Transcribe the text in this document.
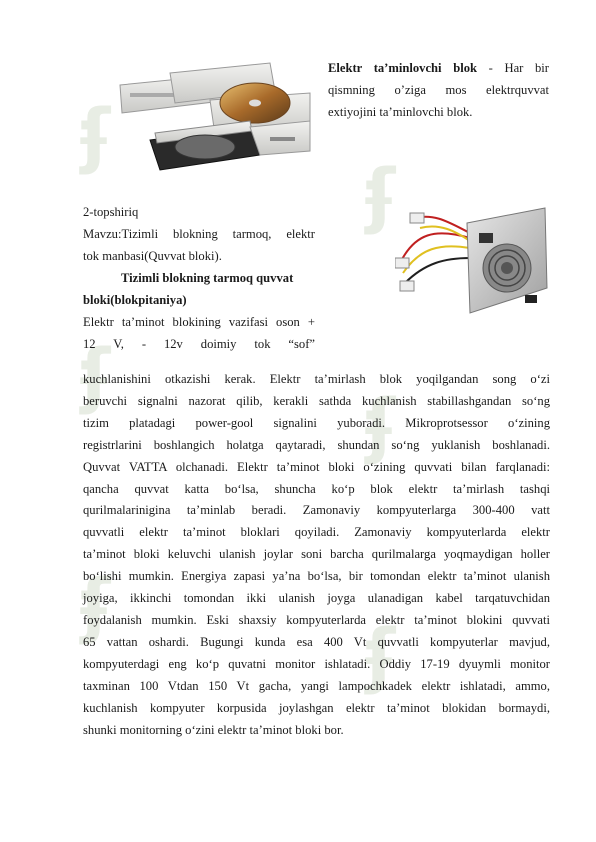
ʄ
ʄ
ʄ
ʄ
ʄ
ʄ
Elektr ta’minlovchi blok - Har bir
qismning o’ziga mos elektrquvvat
extiyojini ta’minlovchi blok.
2-topshiriq
Mavzu:Tizimli blokning tarmoq, elektr
tok manbasi(Quvvat bloki).
Tizimli blokning tarmoq quvvat
bloki(blokpitaniya)
Elektr ta’minot blokining vazifasi oson +
12 V, - 12v doimiy tok “sof”
kuchlanishini otkazishi kerak. Elektr ta’mirlash blok yoqilgandan song o‘zi
beruvchi signalni nazorat qilib, kerakli sathda kuchlanish stabillashgandan so‘ng
tizim platadagi power-gool signalini yuboradi. Mikroprotsessor o‘zining
registrlarini boshlangich holatga qaytaradi, shundan so‘ng yuklanish boshlanadi.
Quvvat VATTA olchanadi. Elektr ta’minot bloki o‘zining quvvati bilan farqlanadi:
qancha quvvat katta bo‘lsa, shuncha ko‘p blok elektr ta’mirlash tashqi
qurilmalariniginа ta’minlab beradi. Zamonaviy kompyuterlarga 300-400 vatt
quvvatli elektr ta’minot bloklari qoyiladi. Zamonaviy kompyuterlarda elektr
ta’minot bloki keluvchi ulanish joylar soni barcha qurilmalarga yoqmaydigan holler
bo‘lishi mumkin. Energiya zapasi ya’na bo‘lsa, bir tomondan elektr ta’minot ulanish
joyiga, ikkinchi tomondan ikki ulanish joyga ulanadigan kabel tarqatuvchidan
foydalanish mumkin. Eski shaxsiy kompyuterlarda elektr ta’minot blokini quvvati
65 vattan oshardi. Bugungi kunda esa 400 Vt quvvatli kompyuterlar mavjud,
kompyuterdagi eng ko‘p quvatni monitor ishlatadi. Oddiy 17-19 dyuymli monitor
taxminan 100 Vtdan 150 Vt gacha, yangi lampochkadek elektr ishlatadi, ammo,
kuchlanish kompyuter korpusida joylashgan elektr ta’minot blokidan bormaydi,
shunki monitorning o‘zini elektr ta’minot bloki bor.
